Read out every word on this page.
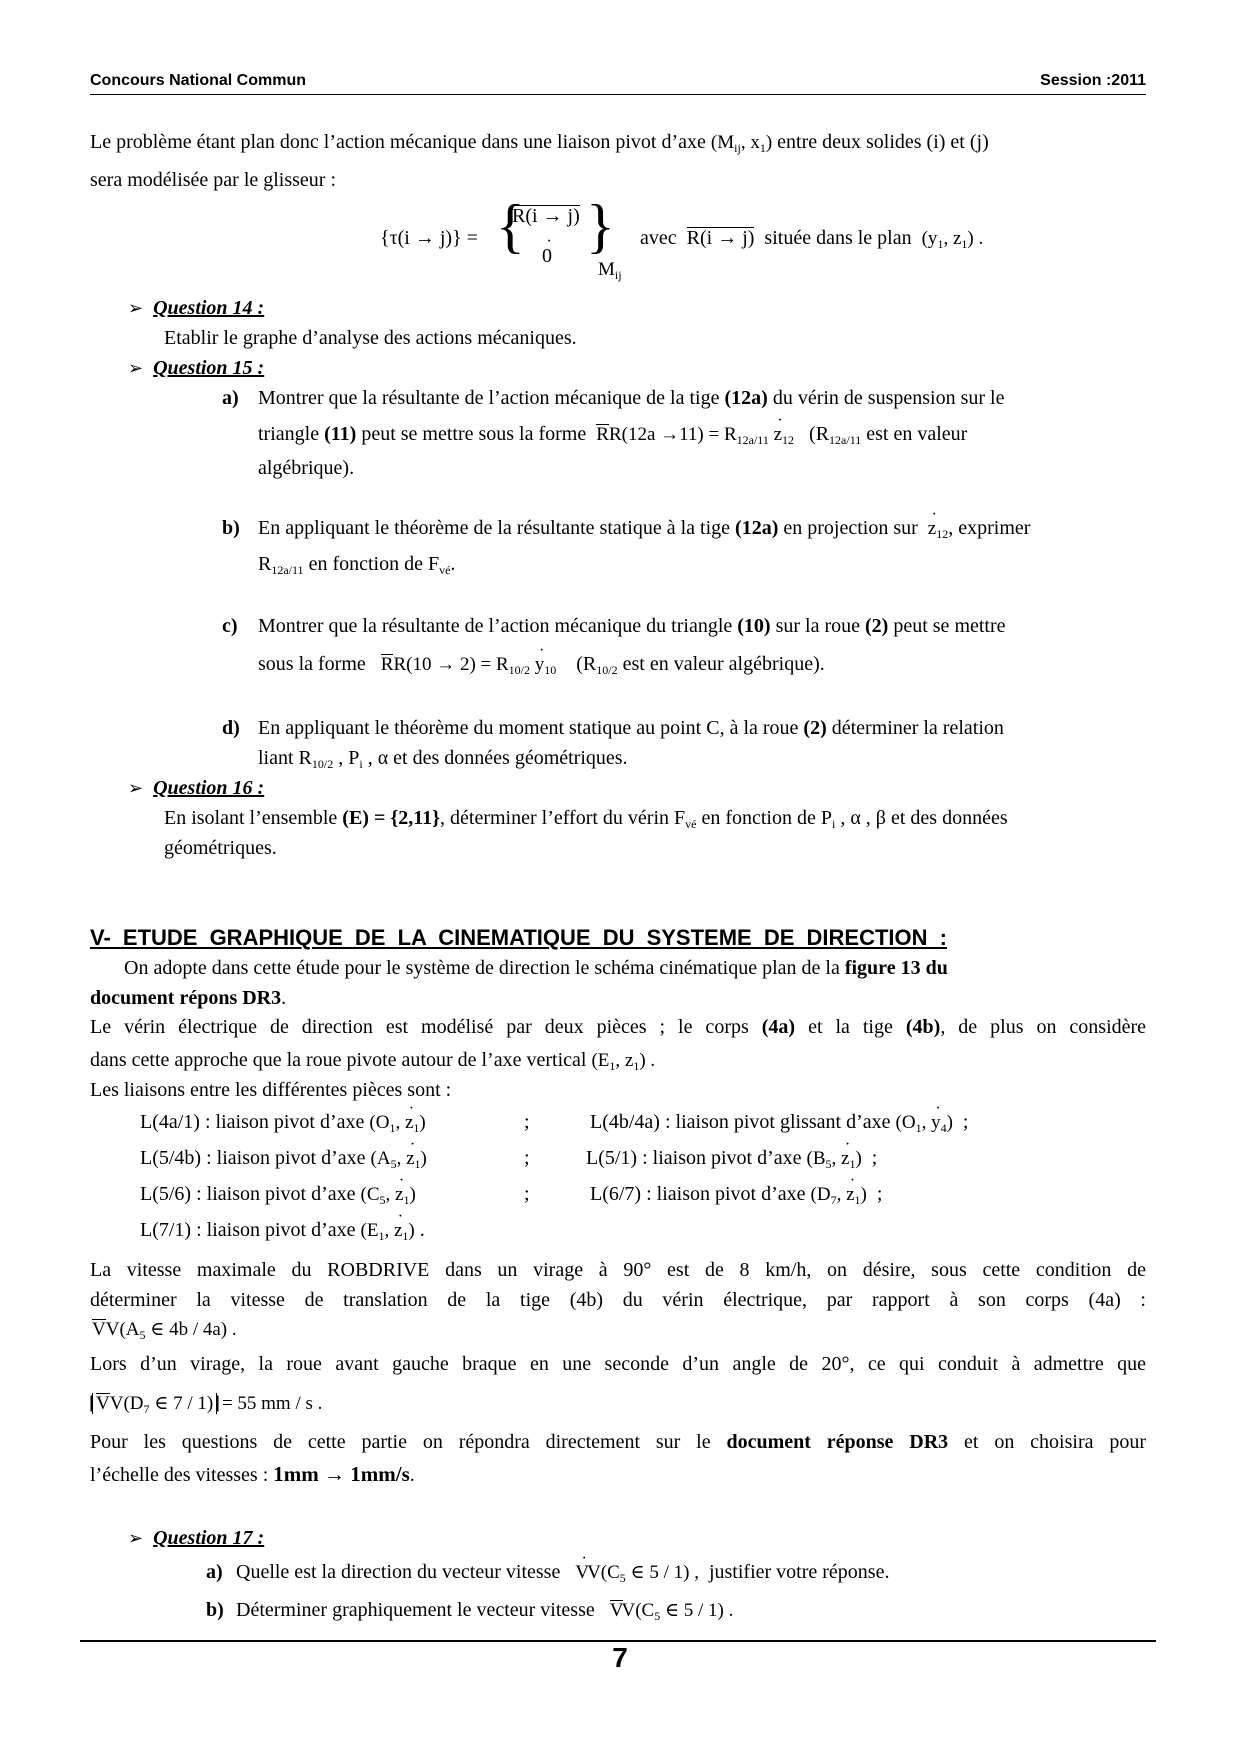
Concours National Commun	Session :2011
Le problème étant plan donc l’action mécanique dans une liaison pivot d’axe ($M_{ij}$, $x_1$) entre deux solides (i) et (j)
sera modélisée par le glisseur :
{τ(i → j)} = {
R(i → j)
· 0 }
$M_{ij}$
avec R(i → j) située dans le plan ($y_1$, $z_1$) .
➢ Question 14 :
Etablir le graphe d’analyse des actions mécaniques.
➢ Question 15 :
a) Montrer que la résultante de l’action mécanique de la tige (12a) du vérin de suspension sur le
triangle (11) peut se mettre sous la forme $RR(12a \to 11) = R_{12a/11} \cdot z_{12}$ ($R_{12a/11}$ est en valeur
algébrique).
b) En appliquant le théorème de la résultante statique à la tige (12a) en projection sur · $z_{12}$, exprimer
$R_{12a/11}$ en fonction de $F_{vé}$.
c) Montrer que la résultante de l’action mécanique du triangle (10) sur la roue (2) peut se mettre
sous la forme $RR(10 \to 2) = R_{10/2} \cdot y_{10}$ ($R_{10/2}$ est en valeur algébrique).
d) En appliquant le théorème du moment statique au point C, à la roue (2) déterminer la relation
liant $R_{10/2}$ , $P_i$ , α et des données géométriques.
➢ Question 16 :
En isolant l’ensemble (E) = {2,11}, déterminer l’effort du vérin $F_{vé}$ en fonction de $P_i$ , α , β et des données
géométriques.
V- ETUDE GRAPHIQUE DE LA CINEMATIQUE DU SYSTEME DE DIRECTION :
On adopte dans cette étude pour le système de direction le schéma cinématique plan de la figure 13 du
document répons DR3.
Le vérin électrique de direction est modélisé par deux pièces ; le corps (4a) et la tige (4b), de plus on considère
dans cette approche que la roue pivote autour de l’axe vertical ($E_1$, $z_1$) .
Les liaisons entre les différentes pièces sont :
L(4a/1) : liaison pivot d’axe ($O_1$, · $z_1$)	;	L(4b/4a) : liaison pivot glissant d’axe ($O_1$, · $y_4$) ;
L(5/4b) : liaison pivot d’axe ($A_5$, · $z_1$)	;	L(5/1) : liaison pivot d’axe ($B_5$, · $z_1$) ;
L(5/6) : liaison pivot d’axe ($C_5$, · $z_1$)	;	L(6/7) : liaison pivot d’axe ($D_7$, · $z_1$) ;
L(7/1) : liaison pivot d’axe ($E_1$, · $z_1$) .
La vitesse maximale du ROBDRIVE dans un virage à 90° est de 8 km/h, on désire, sous cette condition de
déterminer la vitesse de translation de la tige (4b) du vérin électrique, par rapport à son corps (4a) :
$VV(A_5$ ∈ 4b / 4a) .
Lors d’un virage, la roue avant gauche braque en une seconde d’un angle de 20°, ce qui conduit à admettre que
$VV(D_7$ ∈ 7 / 1) = 55 mm / s .
Pour les questions de cette partie on répondra directement sur le document réponse DR3 et on choisira pour
l’échelle des vitesses : 1mm → 1mm/s.
➢ Question 17 :
a) Quelle est la direction du vecteur vitesse · $VV(C_5$ ∈ 5 / 1) , justifier votre réponse.
b) Déterminer graphiquement le vecteur vitesse $VV(C_5$ ∈ 5 / 1) .
7
